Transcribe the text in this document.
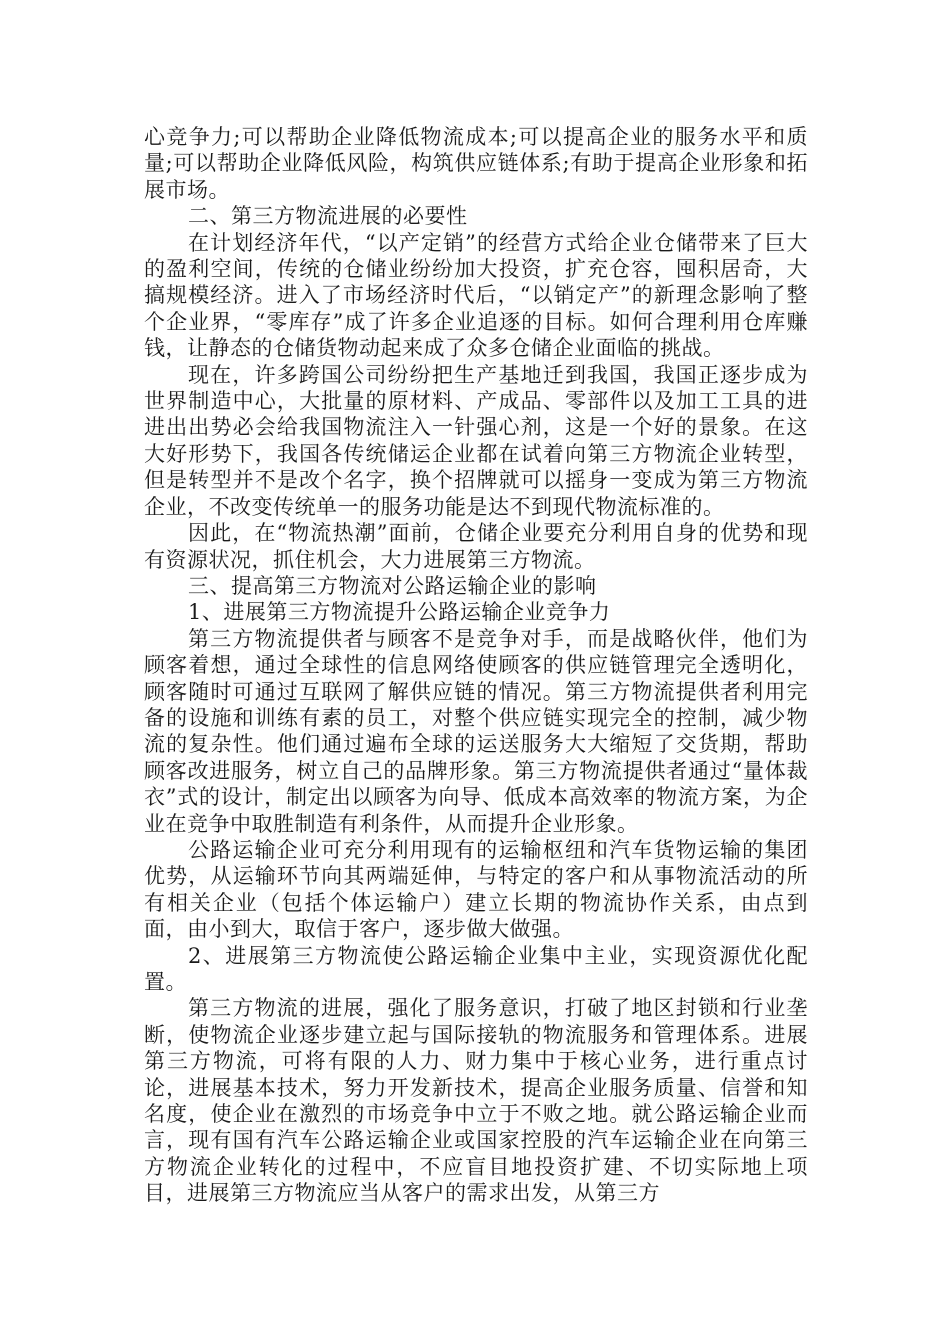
心竞争力;可以帮助企业降低物流成本;可以提高企业的服务水平和质量;可以帮助企业降低风险，构筑供应链体系;有助于提高企业形象和拓展市场。

二、第三方物流进展的必要性

在计划经济年代，“以产定销”的经营方式给企业仓储带来了巨大的盈利空间，传统的仓储业纷纷加大投资，扩充仓容，囤积居奇，大搞规模经济。进入了市场经济时代后，“以销定产”的新理念影响了整个企业界，“零库存”成了许多企业追逐的目标。如何合理利用仓库赚钱，让静态的仓储货物动起来成了众多仓储企业面临的挑战。

现在，许多跨国公司纷纷把生产基地迁到我国，我国正逐步成为世界制造中心，大批量的原材料、产成品、零部件以及加工工具的进进出出势必会给我国物流注入一针强心剂，这是一个好的景象。在这大好形势下，我国各传统储运企业都在试着向第三方物流企业转型，但是转型并不是改个名字，换个招牌就可以摇身一变成为第三方物流企业，不改变传统单一的服务功能是达不到现代物流标准的。

因此，在“物流热潮”面前，仓储企业要充分利用自身的优势和现有资源状况，抓住机会，大力进展第三方物流。

三、提高第三方物流对公路运输企业的影响

1、进展第三方物流提升公路运输企业竞争力

第三方物流提供者与顾客不是竞争对手，而是战略伙伴，他们为顾客着想，通过全球性的信息网络使顾客的供应链管理完全透明化，顾客随时可通过互联网了解供应链的情况。第三方物流提供者利用完备的设施和训练有素的员工，对整个供应链实现完全的控制，减少物流的复杂性。他们通过遍布全球的运送服务大大缩短了交货期，帮助顾客改进服务，树立自己的品牌形象。第三方物流提供者通过“量体裁衣”式的设计，制定出以顾客为向导、低成本高效率的物流方案，为企业在竞争中取胜制造有利条件，从而提升企业形象。

公路运输企业可充分利用现有的运输枢纽和汽车货物运输的集团优势，从运输环节向其两端延伸，与特定的客户和从事物流活动的所有相关企业（包括个体运输户）建立长期的物流协作关系，由点到面，由小到大，取信于客户，逐步做大做强。

2、进展第三方物流使公路运输企业集中主业，实现资源优化配置。

第三方物流的进展，强化了服务意识，打破了地区封锁和行业垄断，使物流企业逐步建立起与国际接轨的物流服务和管理体系。进展第三方物流，可将有限的人力、财力集中于核心业务，进行重点讨论，进展基本技术，努力开发新技术，提高企业服务质量、信誉和知名度，使企业在激烈的市场竞争中立于不败之地。就公路运输企业而言，现有国有汽车公路运输企业或国家控股的汽车运输企业在向第三方物流企业转化的过程中，不应盲目地投资扩建、不切实际地上项目，进展第三方物流应当从客户的需求出发，从第三方
